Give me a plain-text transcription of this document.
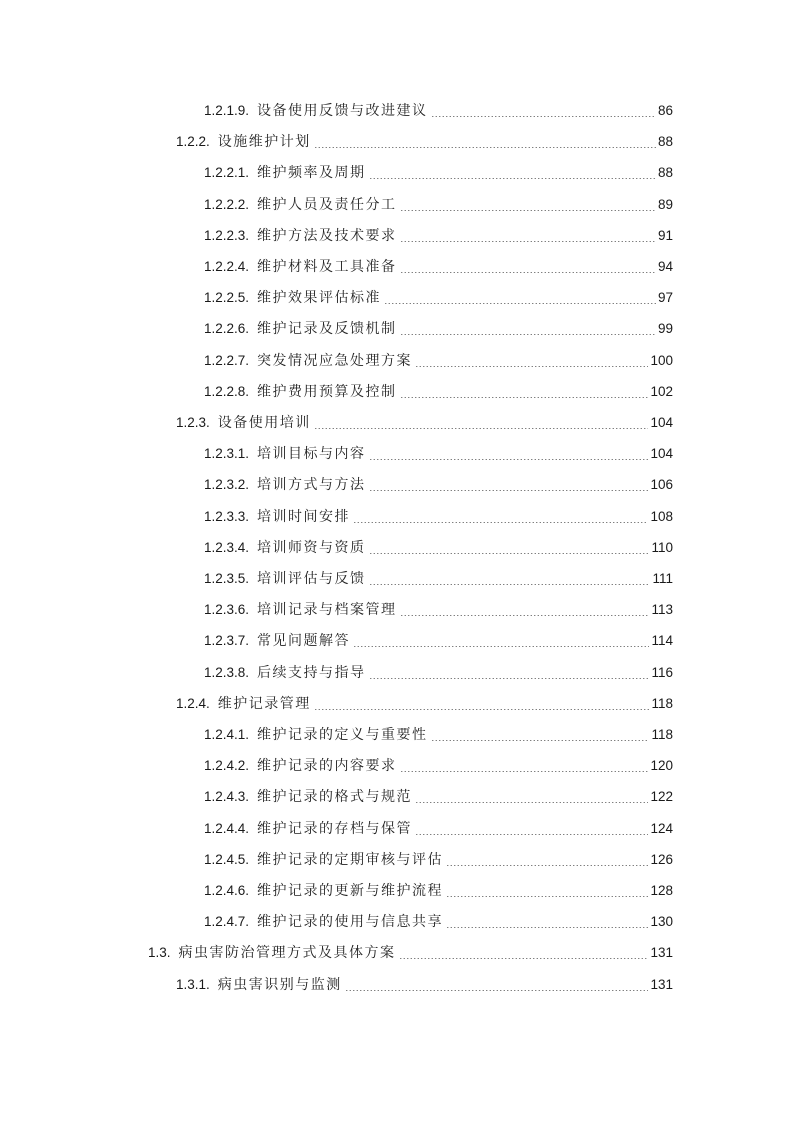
1.2.1.9. 设备使用反馈与改进建议	86
1.2.2. 设施维护计划	88
1.2.2.1. 维护频率及周期	88
1.2.2.2. 维护人员及责任分工	89
1.2.2.3. 维护方法及技术要求	91
1.2.2.4. 维护材料及工具准备	94
1.2.2.5. 维护效果评估标准	97
1.2.2.6. 维护记录及反馈机制	99
1.2.2.7. 突发情况应急处理方案	100
1.2.2.8. 维护费用预算及控制	102
1.2.3. 设备使用培训	104
1.2.3.1. 培训目标与内容	104
1.2.3.2. 培训方式与方法	106
1.2.3.3. 培训时间安排	108
1.2.3.4. 培训师资与资质	110
1.2.3.5. 培训评估与反馈	111
1.2.3.6. 培训记录与档案管理	113
1.2.3.7. 常见问题解答	114
1.2.3.8. 后续支持与指导	116
1.2.4. 维护记录管理	118
1.2.4.1. 维护记录的定义与重要性	118
1.2.4.2. 维护记录的内容要求	120
1.2.4.3. 维护记录的格式与规范	122
1.2.4.4. 维护记录的存档与保管	124
1.2.4.5. 维护记录的定期审核与评估	126
1.2.4.6. 维护记录的更新与维护流程	128
1.2.4.7. 维护记录的使用与信息共享	130
1.3. 病虫害防治管理方式及具体方案	131
1.3.1. 病虫害识别与监测	131
